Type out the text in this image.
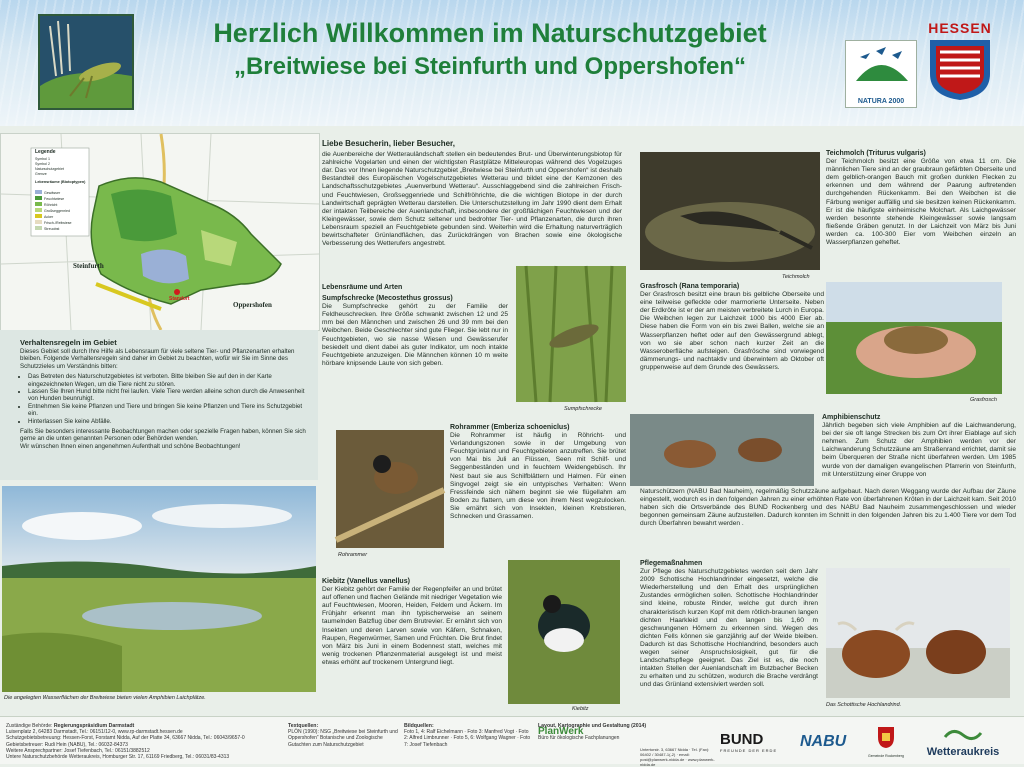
Herzlich Willkommen im Naturschutzgebiet
„Breitwiese bei Steinfurth und Oppershofen“
NATURA 2000
HESSEN
Legende
Symbol 1
Symbol 2
Naturschutzgebiet
Grenze
Lebensräume (Biotoptypen)
Gewässer
Feuchtwiese
Röhricht
Großseggenried
Acker
Frisch-/Reitwiese
Streuobst
Steinfurth
Oppershofen
Standort
Verhaltensregeln im Gebiet
Dieses Gebiet soll durch Ihre Hilfe als Lebensraum für viele seltene Tier- und Pflanzenarten erhalten bleiben. Folgende Verhaltensregeln sind daher im Gebiet zu beachten, wofür wir Sie im Sinne des Schutzzieles um Verständnis bitten:
• Das Betreten des Naturschutzgebietes ist verboten. Bitte bleiben Sie auf den in der Karte eingezeichneten Wegen, um die Tiere nicht zu stören.
• Lassen Sie Ihren Hund bitte nicht frei laufen. Viele Tiere werden alleine schon durch die Anwesenheit von Hunden beunruhigt.
• Entnehmen Sie keine Pflanzen und Tiere und bringen Sie keine Pflanzen und Tiere ins Schutzgebiet ein.
• Hinterlassen Sie keine Abfälle.
Falls Sie besonders interessante Beobachtungen machen oder spezielle Fragen haben, können Sie sich gerne an die unten genannten Personen oder Behörden wenden.
Wir wünschen Ihnen einen angenehmen Aufenthalt und schöne Beobachtungen!
Die angelegten Wasserflächen der Breitwiese bieten vielen Amphibien Laichplätze.
Liebe Besucherin, lieber Besucher,
die Auenbereiche der Wetterauländschaft stellen ein bedeutendes Brut- und Überwinterungsbiotop für zahlreiche Vogelarten und einen der wichtigsten Rastplätze Mitteleuropas während des Vogelzuges dar. Das vor Ihnen liegende Naturschutzgebiet „Breitwiese bei Steinfurth und Oppershofen“ ist deshalb Bestandteil des Europäischen Vogelschutzgebietes Wetterau und bildet eine der Kernzonen des Landschaftsschutzgebietes „Auenverbund Wetterau“. Ausschlaggebend sind die zahlreichen Frisch- und Feuchtwiesen, Großseggenriede und Schilfröhrichte, die die wichtigen Biotope in der durch Landwirtschaft geprägten Wetterau darstellen. Die Unterschutzstellung im Jahr 1990 dient dem Erhalt der intakten Teilbereiche der Auenlandschaft, insbesondere der großflächigen Feuchtwiesen und der Kleingewässer, sowie dem Schutz seltener und bedrohter Tier- und Pflanzenarten, die durch ihren Lebensraum speziell an Feuchtgebiete gebunden sind. Weiterhin wird die Erhaltung naturverträglich bewirtschafteter Grünlandflächen, das Zurückdrängen von Brachen sowie eine ökologische Verbesserung des Wetterufers angestrebt.
Teichmolch
Teichmolch (Triturus vulgaris)
Der Teichmolch besitzt eine Größe von etwa 11 cm. Die männlichen Tiere sind an der graubraun gefärbten Oberseite und dem gelblich-orangen Bauch mit großen dunklen Flecken zu erkennen und dem während der Paarung auftretenden durchgehenden Rückenkamm. Bei den Weibchen ist die Färbung weniger auffällig und sie besitzen keinen Rückenkamm. Er ist die häufigste einheimische Molchart. Als Laichgewässer werden besonnte stehende Kleingewässer sowie langsam fließende Gräben genutzt. In der Laichzeit von März bis Juni werden ca. 100-300 Eier vom Weibchen einzeln an Wasserpflanzen geheftet.
Lebensräume und Arten
Sumpfschrecke (Mecostethus grossus)
Die Sumpfschrecke gehört zu der Familie der Feldheuschrecken. Ihre Größe schwankt zwischen 12 und 25 mm bei den Männchen und zwischen 26 und 39 mm bei den Weibchen. Beide Geschlechter sind gute Flieger. Sie lebt nur in Feuchtgebieten, wo sie nasse Wiesen und Gewässerufer besiedelt und dient dabei als guter Indikator, um noch intakte Feuchtgebiete anzuzeigen. Die Männchen können 10 m weite hörbare knipsende Laute von sich geben.
Sumpfschrecke
Grasfrosch (Rana temporaria)
Der Grasfrosch besitzt eine braun bis gelbliche Oberseite und eine teilweise gefleckte oder marmorierte Unterseite. Neben der Erdkröte ist er der am meisten verbreitete Lurch in Europa. Die Weibchen legen zur Laichzeit 1000 bis 4000 Eier ab. Diese haben die Form von ein bis zwei Ballen, welche sie an Wasserpflanzen heftet oder auf den Gewässergrund ablegt, von wo sie aber schon nach kurzer Zeit an die Wasseroberfläche aufsteigen. Grasfrösche sind vorwiegend dämmerungs- und nachtaktiv und überwintern ab Oktober oft gruppenweise auf dem Grunde des Gewässers.
Grasfrosch
Rohrammer
Rohrammer (Emberiza schoeniclus)
Die Rohrammer ist häufig in Röhricht- und Verlandungszonen sowie in der Umgebung von Feuchtgrünland und Feuchtgebieten anzutreffen. Sie brütet von Mai bis Juli an Flüssen, Seen mit Schilf- und Seggenbeständen und in feuchtem Weidengebüsch. Ihr Nest baut sie aus Schilfblättern und Halmen. Für einen Singvogel zeigt sie ein untypisches Verhalten: Wenn Fressfeinde sich nähern beginnt sie wie flügellahm am Boden zu flattern, um diese von ihrem Nest wegzulocken. Sie ernährt sich von Insekten, kleinen Krebstieren, Schnecken und Grassamen.
Amphibienschutz
Jährlich begeben sich viele Amphibien auf die Laichwanderung, bei der sie oft lange Strecken bis zum Ort ihrer Eiablage auf sich nehmen. Zum Schutz der Amphibien werden vor der Laichwanderung Schutzzäune am Straßenrand errichtet, damit sie beim Überqueren der Straße nicht überfahren werden. Um 1985 wurde von der damaligen evangelischen Pfarrerin von Steinfurth, mit Unterstützung einer Gruppe von
Naturschützern (NABU Bad Nauheim), regelmäßig Schutzzäune aufgebaut. Nach deren Weggang wurde der Aufbau der Zäune eingestellt, wodurch es in den folgenden Jahren zu einer erhöhten Rate von überfahrenen Kröten in der Laichzeit kam. Seit 2010 haben sich die Ortsverbände des BUND Rockenberg und des NABU Bad Nauheim zusammengeschlossen und wieder begonnen gemeinsam Zäune aufzustellen. Dadurch konnten im Schnitt in den folgenden Jahren bis zu 1.400 Tiere vor dem Tod durch Überfahren bewahrt werden .
Kiebitz (Vanellus vanellus)
Der Kiebitz gehört der Familie der Regenpfeifer an und brütet auf offenen und flachen Gelände mit niedriger Vegetation wie auf Feuchtwiesen, Mooren, Heiden, Feldern und Äckern. Im Frühjahr erkennt man ihn typischerweise an seinem taumelnden Balzflug über dem Brutrevier. Er ernährt sich von Insekten und deren Larven sowie von Käfern, Schnaken, Raupen, Regenwürmer, Samen und Früchten. Die Brut findet von März bis Juni in einem Bodennest statt, welches mit wenig trockenen Pflanzenmaterial ausgelegt ist und meist etwas erhöht auf trockenem Untergrund liegt.
Kiebitz
Pflegemaßnahmen
Zur Pflege des Naturschutzgebietes werden seit dem Jahr 2009 Schottische Hochlandrinder eingesetzt, welche die Wiederherstellung und den Erhalt des ursprünglichen Zustandes ermöglichen sollen. Schottische Hochlandrinder sind kleine, robuste Rinder, welche gut durch ihren charakteristisch kurzen Kopf mit dem rötlich-braunen langen dichten Haarkleid und den langen bis 1,60 m geschwungenen Hörnern zu erkennen sind. Wegen des dichten Fells können sie ganzjährig auf der Weide bleiben. Dadurch ist das Schottische Hochlandrind, besonders auch wegen seiner Anspruchslosigkeit, gut für die Landschaftspflege geeignet. Das Ziel ist es, die noch intakten Stellen der Auenlandschaft im Butzbacher Becken zu erhalten und zu schützen, wodurch die Brache verdrängt und das Grünland extensiviert werden soll.
Das Schottische Hochlandrind.
Zuständige Behörde: Regierungspräsidium Darmstadt
Luisenplatz 2, 64283 Darmstadt, Tel.: 06151/12-0, www.rp-darmstadt.hessen.de
Schutzgebietsbetreuung: Hessen-Forst, Forstamt Nidda, Auf der Platte 34, 63667 Nidda, Tel.: 06043/9657-0
Gebietsbetreuer: Rudi Hein (NABU), Tel.: 06032-84373
Weitere Ansprechpartner: Josef Tiefenbach, Tel.: 06151/3882512
Untere Naturschutzbehörde Wetteraukreis, Homburger Str. 17, 61169 Friedberg, Tel.: 06031/83-4313
Textquellen:
PLÖN (1990): NSG „Breitwiese bei Steinfurth und Oppershofen“ Botanische und Zoologische Gutachten zum Naturschutzgebiet
Bildquellen:
Foto 1, 4: Ralf Eichelmann · Foto 3: Manfred Vogt · Foto 2: Alfred Limbrunner · Foto 5, 6: Wolfgang Wagner · Foto 7: Josef Tiefenbach
Layout, Kartographie und Gestaltung (2014)
PlanWerk
Büro für ökologische Fachplanungen
Untertorstr. 3, 63667 Nidda · Tel. (Fax): 06402 / 30487-1(-2) · email: post@planwerk-nidda.de · www.planwerk-nidda.de
BUND
FREUNDE DER ERDE
NABU
Gemeinde Rockenberg	Wetteraukreis
